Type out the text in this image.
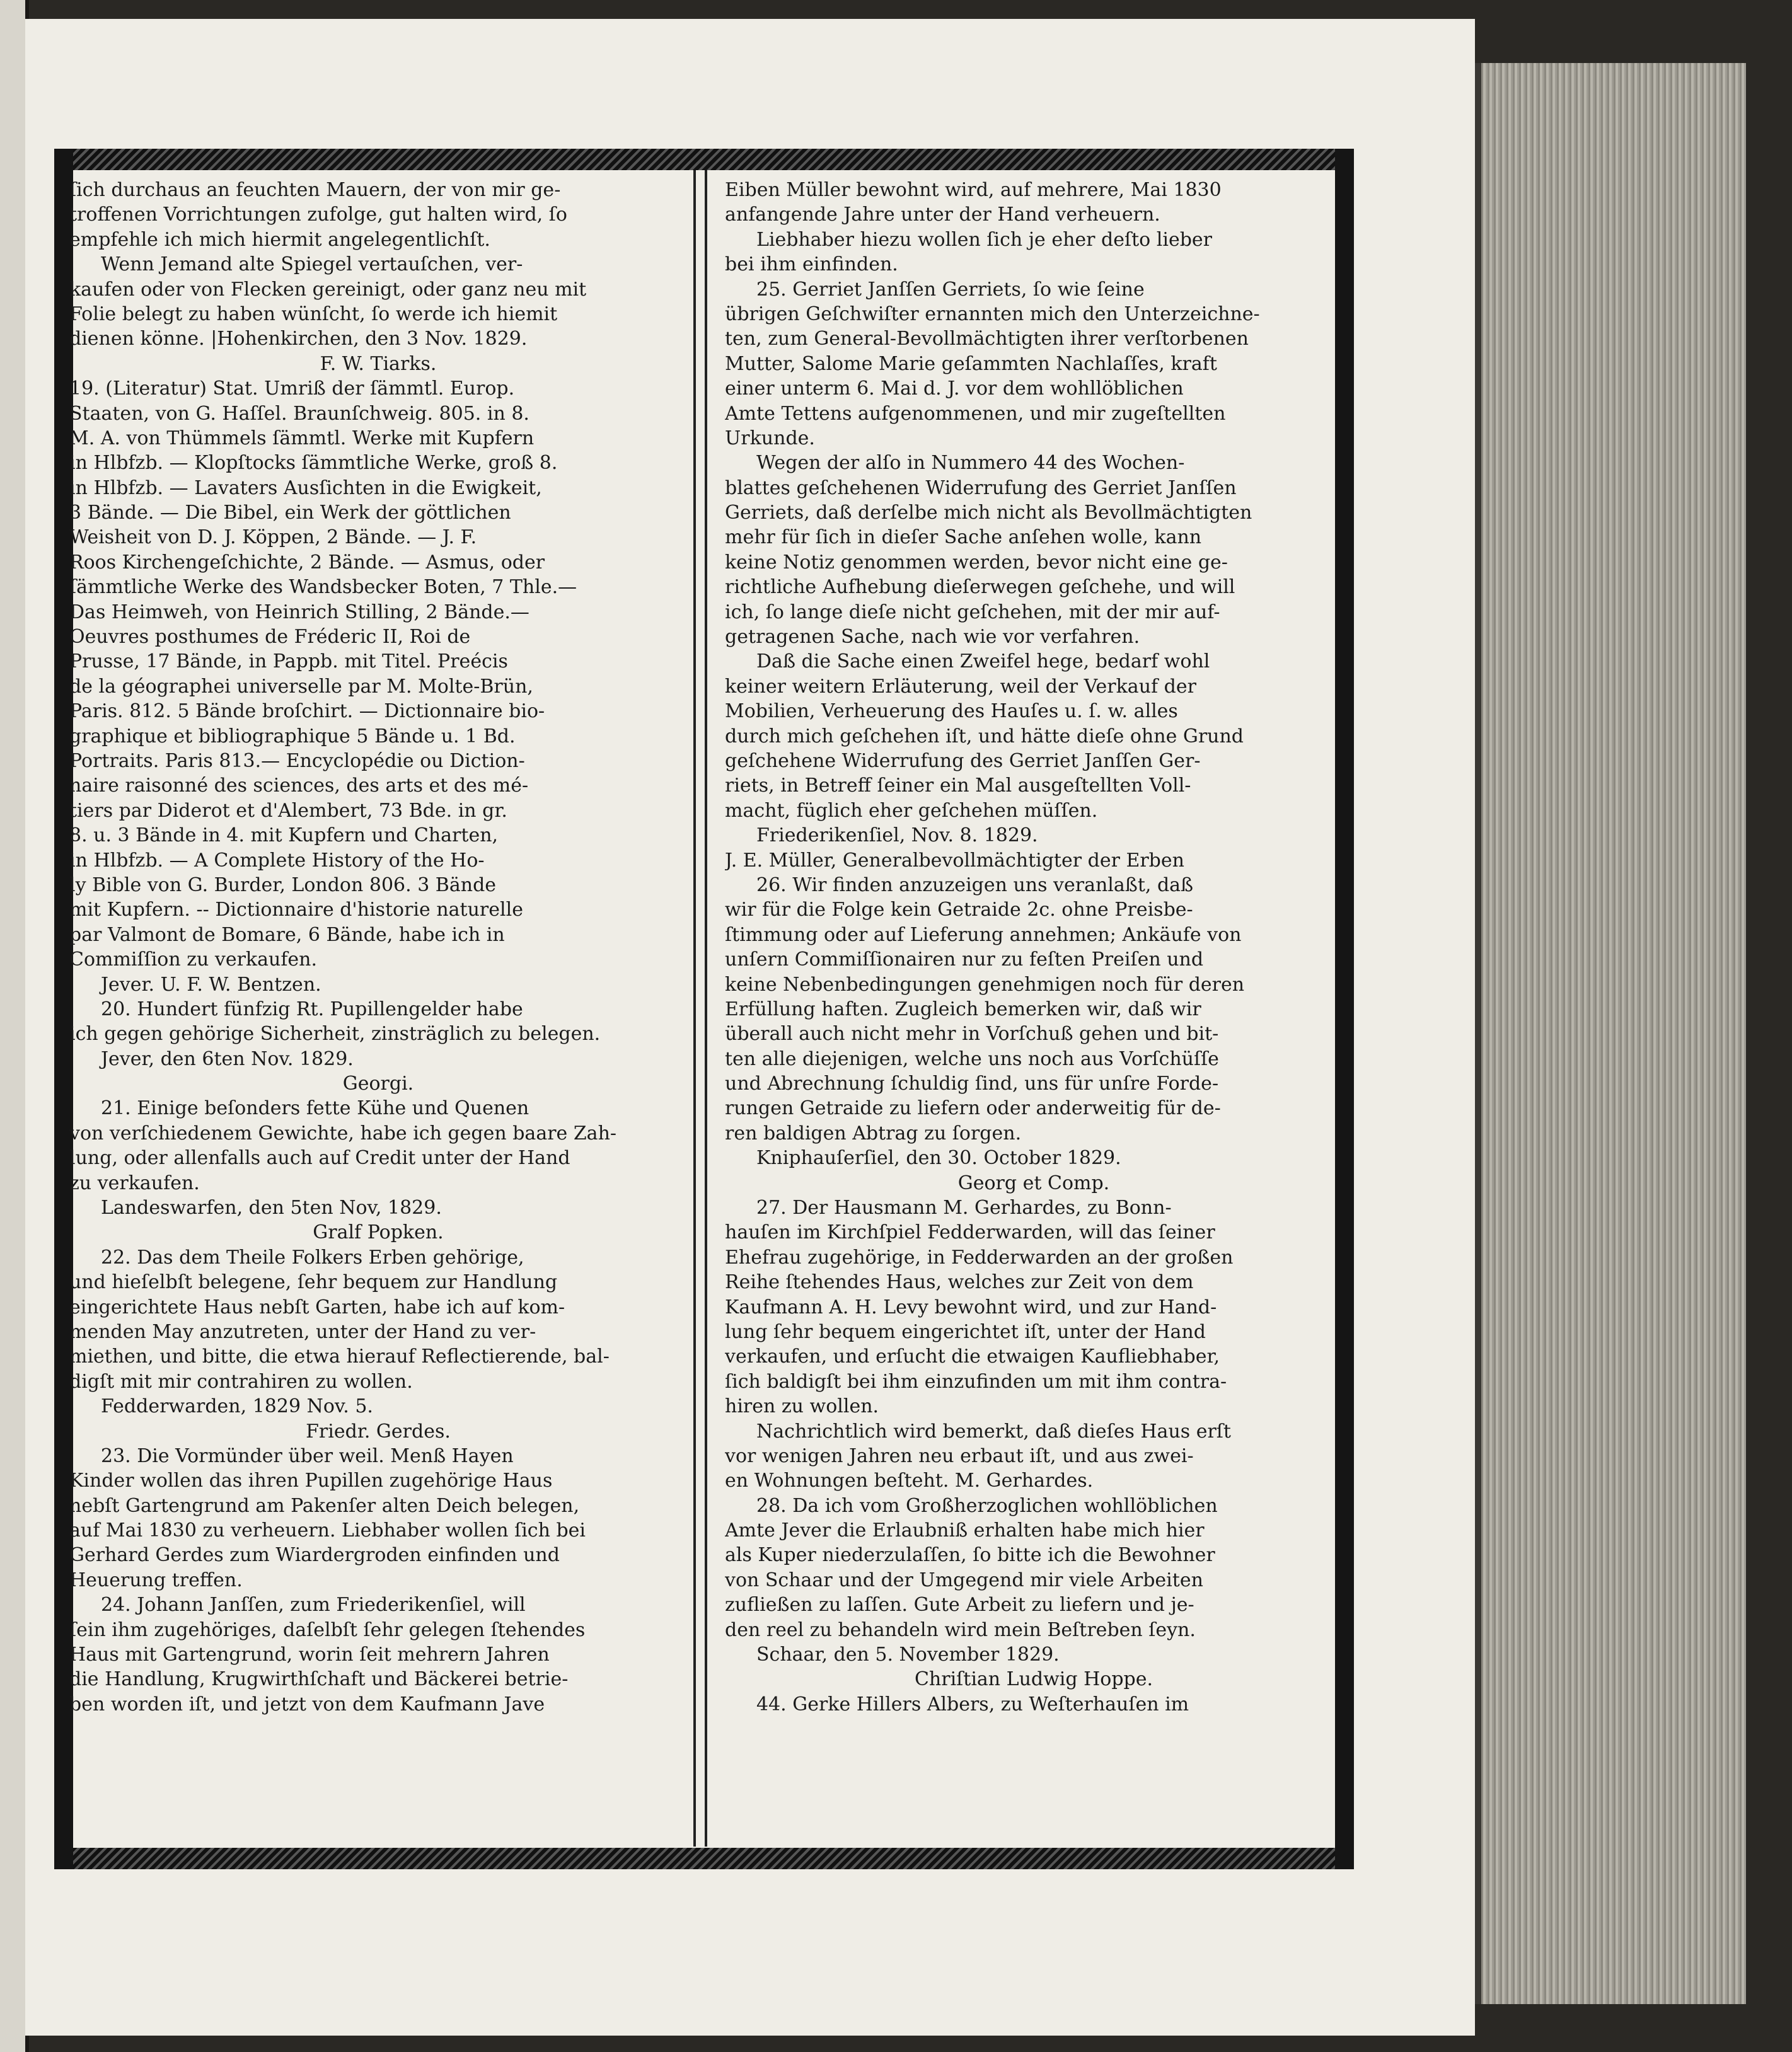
ſich durchaus an feuchten Mauern, der von mir ge-
troffenen Vorrichtungen zufolge, gut halten wird, ſo
empfehle ich mich hiermit angelegentlichſt.
Wenn Jemand alte Spiegel vertauſchen, ver-
kaufen oder von Flecken gereinigt, oder ganz neu mit
Folie belegt zu haben wünſcht, ſo werde ich hiemit
dienen könne. |Hohenkirchen, den 3 Nov. 1829.
F. W. Tiarks.
19. (Literatur) Stat. Umriß der ſämmtl. Europ.
Staaten, von G. Haſſel. Braunſchweig. 805. in 8.
M. A. von Thümmels ſämmtl. Werke mit Kupfern
in Hlbfzb. — Klopſtocks ſämmtliche Werke, groß 8.
in Hlbfzb. — Lavaters Ausſichten in die Ewigkeit,
3 Bände. — Die Bibel, ein Werk der göttlichen
Weisheit von D. J. Köppen, 2 Bände. — J. F.
Roos Kirchengeſchichte, 2 Bände. — Asmus, oder
ſämmtliche Werke des Wandsbecker Boten, 7 Thle.—
Das Heimweh, von Heinrich Stilling, 2 Bände.—
Oeuvres posthumes de Fréderic II, Roi de
Prusse, 17 Bände, in Pappb. mit Titel. Preécis
de la géographei universelle par M. Molte-Brün,
Paris. 812. 5 Bände broſchirt. — Dictionnaire bio-
graphique et bibliographique 5 Bände u. 1 Bd.
Portraits. Paris 813.— Encyclopédie ou Diction-
naire raisonné des sciences, des arts et des mé-
tiers par Diderot et d'Alembert, 73 Bde. in gr.
8. u. 3 Bände in 4. mit Kupfern und Charten,
in Hlbfzb. — A Complete History of the Ho-
ly Bible von G. Burder, London 806. 3 Bände
mit Kupfern. -- Dictionnaire d'historie naturelle
par Valmont de Bomare, 6 Bände, habe ich in
Commiſſion zu verkaufen.
Jever. U. F. W. Bentzen.
20. Hundert fünfzig Rt. Pupillengelder habe
ich gegen gehörige Sicherheit, zinsträglich zu belegen.
Jever, den 6ten Nov. 1829.
Georgi.
21. Einige beſonders fette Kühe und Quenen
von verſchiedenem Gewichte, habe ich gegen baare Zah-
lung, oder allenfalls auch auf Credit unter der Hand
zu verkaufen.
Landeswarfen, den 5ten Nov, 1829.
Gralf Popken.
22. Das dem Theile Folkers Erben gehörige,
und hieſelbſt belegene, ſehr bequem zur Handlung
eingerichtete Haus nebſt Garten, habe ich auf kom-
menden May anzutreten, unter der Hand zu ver-
miethen, und bitte, die etwa hierauf Reflectierende, bal-
digſt mit mir contrahiren zu wollen.
Fedderwarden, 1829 Nov. 5.
Friedr. Gerdes.
23. Die Vormünder über weil. Menß Hayen
Kinder wollen das ihren Pupillen zugehörige Haus
nebſt Gartengrund am Pakenſer alten Deich belegen,
auf Mai 1830 zu verheuern. Liebhaber wollen ſich bei
Gerhard Gerdes zum Wiardergroden einfinden und
Heuerung treffen.
24. Johann Janſſen, zum Friederikenſiel, will
ſein ihm zugehöriges, daſelbſt ſehr gelegen ſtehendes
Haus mit Gartengrund, worin ſeit mehrern Jahren
die Handlung, Krugwirthſchaft und Bäckerei betrie-
ben worden iſt, und jetzt von dem Kaufmann Jave
Eiben Müller bewohnt wird, auf mehrere, Mai 1830
anfangende Jahre unter der Hand verheuern.
Liebhaber hiezu wollen ſich je eher deſto lieber
bei ihm einfinden.
25. Gerriet Janſſen Gerriets, ſo wie ſeine
übrigen Geſchwiſter ernannten mich den Unterzeichne-
ten, zum General-Bevollmächtigten ihrer verſtorbenen
Mutter, Salome Marie geſammten Nachlaſſes, kraft
einer unterm 6. Mai d. J. vor dem wohllöblichen
Amte Tettens aufgenommenen, und mir zugeſtellten
Urkunde.
Wegen der alſo in Nummero 44 des Wochen-
blattes geſchehenen Widerrufung des Gerriet Janſſen
Gerriets, daß derſelbe mich nicht als Bevollmächtigten
mehr für ſich in dieſer Sache anſehen wolle, kann
keine Notiz genommen werden, bevor nicht eine ge-
richtliche Aufhebung dieſerwegen geſchehe, und will
ich, ſo lange dieſe nicht geſchehen, mit der mir auf-
getragenen Sache, nach wie vor verfahren.
Daß die Sache einen Zweifel hege, bedarf wohl
keiner weitern Erläuterung, weil der Verkauf der
Mobilien, Verheuerung des Hauſes u. ſ. w. alles
durch mich geſchehen iſt, und hätte dieſe ohne Grund
geſchehene Widerrufung des Gerriet Janſſen Ger-
riets, in Betreff ſeiner ein Mal ausgeſtellten Voll-
macht, füglich eher geſchehen müſſen.
Friederikenſiel, Nov. 8. 1829.
J. E. Müller, Generalbevollmächtigter der Erben
26. Wir finden anzuzeigen uns veranlaßt, daß
wir für die Folge kein Getraide 2c. ohne Preisbe-
ſtimmung oder auf Lieferung annehmen; Ankäufe von
unſern Commiſſionairen nur zu feſten Preiſen und
keine Nebenbedingungen genehmigen noch für deren
Erfüllung haften. Zugleich bemerken wir, daß wir
überall auch nicht mehr in Vorſchuß gehen und bit-
ten alle diejenigen, welche uns noch aus Vorſchüſſe
und Abrechnung ſchuldig ſind, uns für unſre Forde-
rungen Getraide zu liefern oder anderweitig für de-
ren baldigen Abtrag zu ſorgen.
Kniphauſerſiel, den 30. October 1829.
Georg et Comp.
27. Der Hausmann M. Gerhardes, zu Bonn-
hauſen im Kirchſpiel Fedderwarden, will das ſeiner
Ehefrau zugehörige, in Fedderwarden an der großen
Reihe ſtehendes Haus, welches zur Zeit von dem
Kaufmann A. H. Levy bewohnt wird, und zur Hand-
lung ſehr bequem eingerichtet iſt, unter der Hand
verkaufen, und erſucht die etwaigen Kaufliebhaber,
ſich baldigſt bei ihm einzufinden um mit ihm contra-
hiren zu wollen.
Nachrichtlich wird bemerkt, daß dieſes Haus erſt
vor wenigen Jahren neu erbaut iſt, und aus zwei-
en Wohnungen beſteht. M. Gerhardes.
28. Da ich vom Großherzoglichen wohllöblichen
Amte Jever die Erlaubniß erhalten habe mich hier
als Kuper niederzulaſſen, ſo bitte ich die Bewohner
von Schaar und der Umgegend mir viele Arbeiten
zufließen zu laſſen. Gute Arbeit zu liefern und je-
den reel zu behandeln wird mein Beſtreben ſeyn.
Schaar, den 5. November 1829.
Chriſtian Ludwig Hoppe.
44. Gerke Hillers Albers, zu Weſterhauſen im
